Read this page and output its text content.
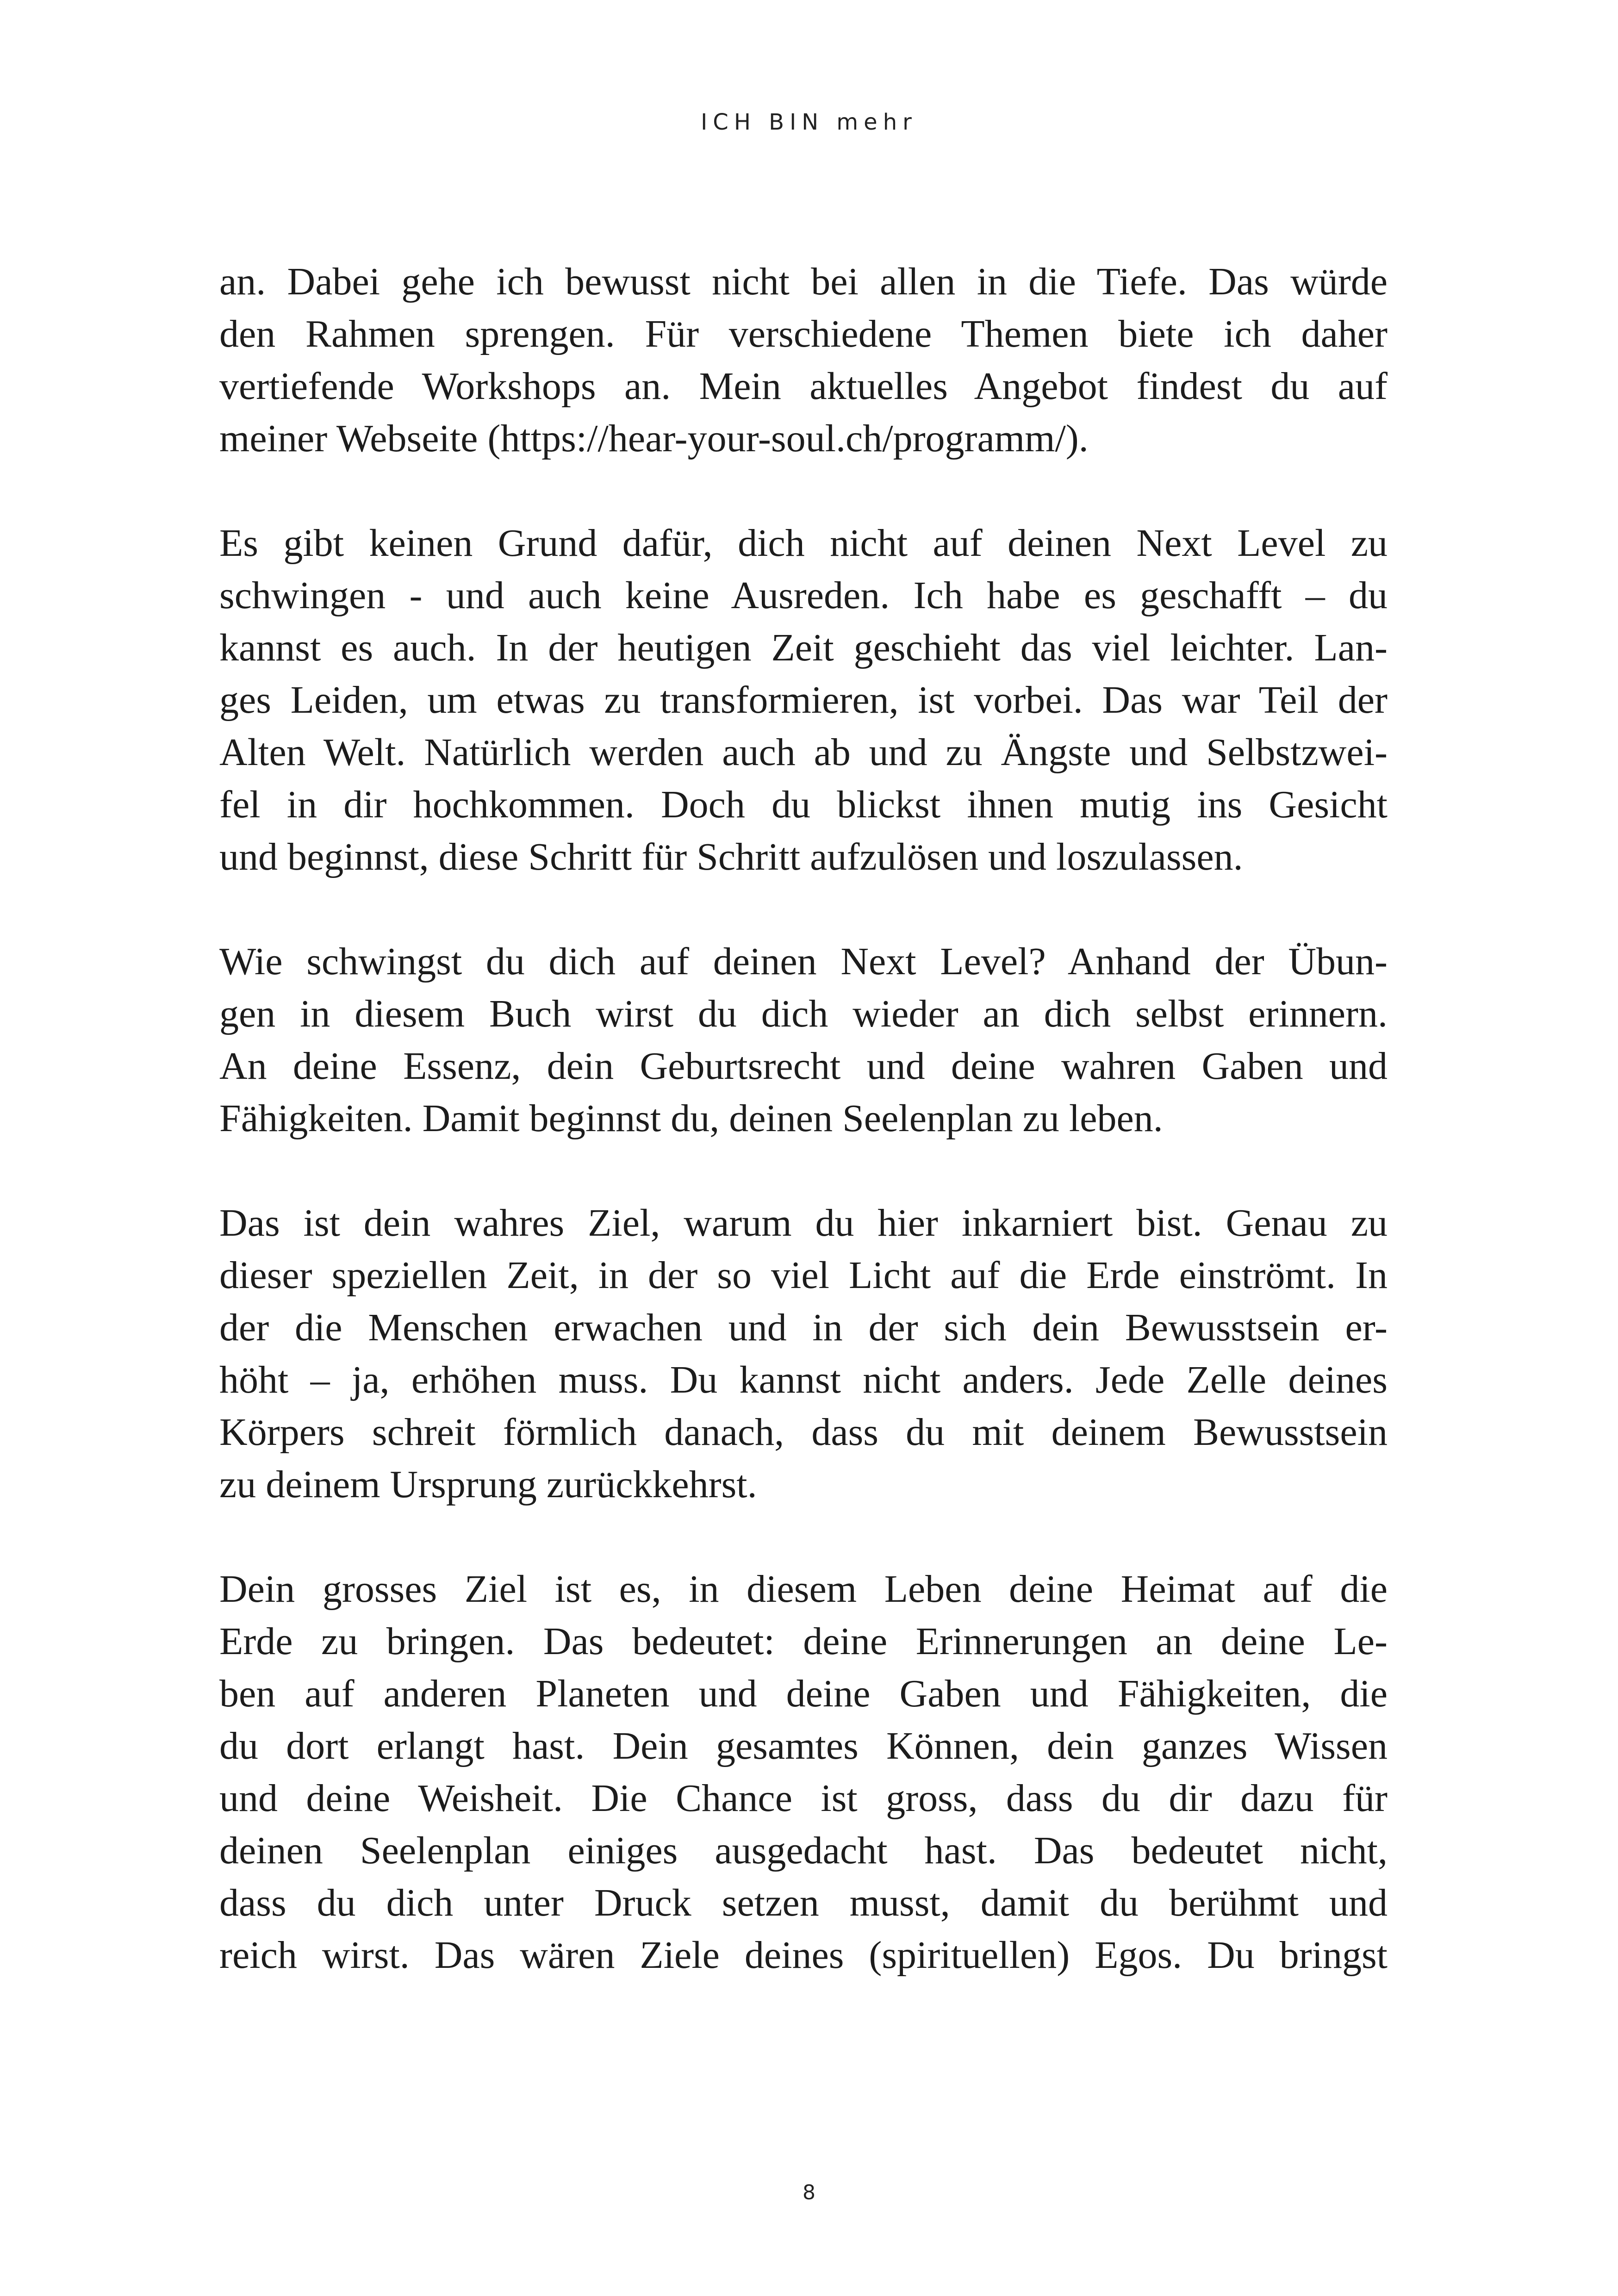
ICH BIN mehr
an. Dabei gehe ich bewusst nicht bei allen in die Tiefe. Das würde
den Rahmen sprengen. Für verschiedene Themen biete ich daher
vertiefende Workshops an. Mein aktuelles Angebot findest du auf
meiner Webseite (https://hear-your-soul.ch/programm/).
Es gibt keinen Grund dafür, dich nicht auf deinen Next Level zu
schwingen - und auch keine Ausreden. Ich habe es geschafft – du
kannst es auch. In der heutigen Zeit geschieht das viel leichter. Lan-
ges Leiden, um etwas zu transformieren, ist vorbei. Das war Teil der
Alten Welt. Natürlich werden auch ab und zu Ängste und Selbstzwei-
fel in dir hochkommen. Doch du blickst ihnen mutig ins Gesicht
und beginnst, diese Schritt für Schritt aufzulösen und loszulassen.
Wie schwingst du dich auf deinen Next Level? Anhand der Übun-
gen in diesem Buch wirst du dich wieder an dich selbst erinnern.
An deine Essenz, dein Geburtsrecht und deine wahren Gaben und
Fähigkeiten. Damit beginnst du, deinen Seelenplan zu leben.
Das ist dein wahres Ziel, warum du hier inkarniert bist. Genau zu
dieser speziellen Zeit, in der so viel Licht auf die Erde einströmt. In
der die Menschen erwachen und in der sich dein Bewusstsein er-
höht – ja, erhöhen muss. Du kannst nicht anders. Jede Zelle deines
Körpers schreit förmlich danach, dass du mit deinem Bewusstsein
zu deinem Ursprung zurückkehrst.
Dein grosses Ziel ist es, in diesem Leben deine Heimat auf die
Erde zu bringen. Das bedeutet: deine Erinnerungen an deine Le-
ben auf anderen Planeten und deine Gaben und Fähigkeiten, die
du dort erlangt hast. Dein gesamtes Können, dein ganzes Wissen
und deine Weisheit. Die Chance ist gross, dass du dir dazu für
deinen Seelenplan einiges ausgedacht hast. Das bedeutet nicht,
dass du dich unter Druck setzen musst, damit du berühmt und
reich wirst. Das wären Ziele deines (spirituellen) Egos. Du bringst
8
